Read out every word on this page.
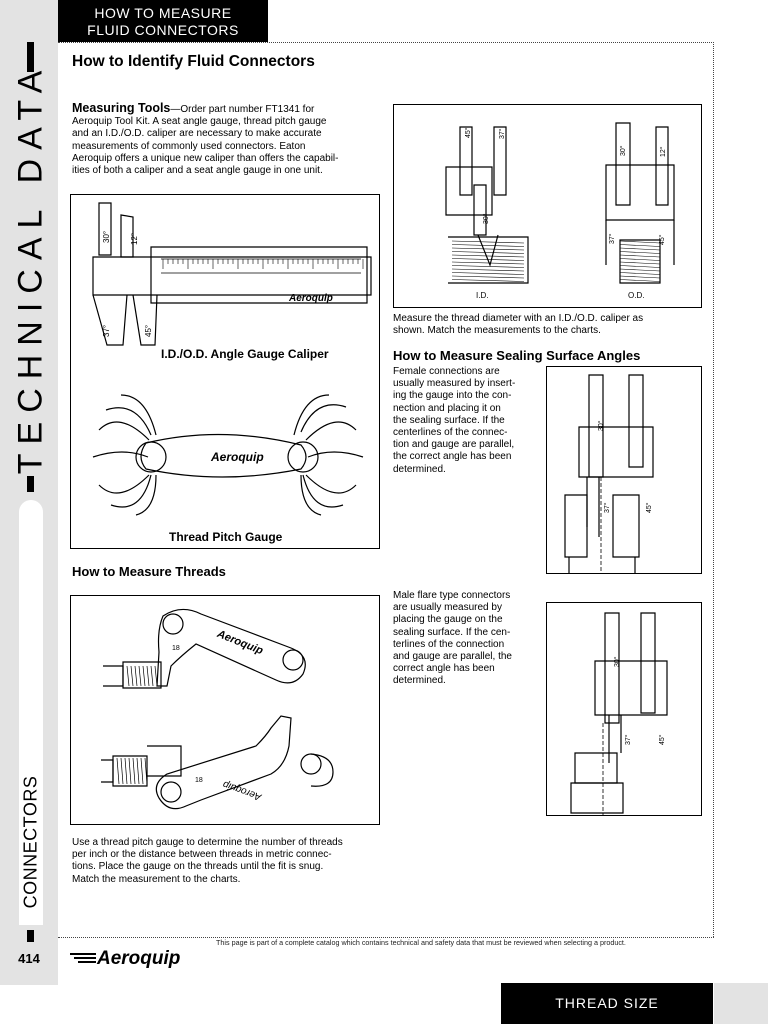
TECHNICAL DATA
CONNECTORS
414
HOW TO MEASURE
FLUID CONNECTORS
How to Identify Fluid Connectors
Measuring Tools—Order part number FT1341 for
Aeroquip Tool Kit. A seat angle gauge, thread pitch gauge
and an I.D./O.D. caliper are necessary to make accurate
measurements of commonly used connectors. Eaton
Aeroquip offers a unique new caliper than offers the capabil-
ities of both a caliper and a seat angle gauge in one unit.
30° 12°
37°	45°
Aeroquip
I.D./O.D. Angle Gauge Caliper
Aeroquip
Thread Pitch Gauge
45°	37°
30°
30°	12°
37°	45°
I.D.	O.D.
Measure the thread diameter with an I.D./O.D. caliper as
shown. Match the measurements to the charts.
How to Measure Sealing Surface Angles
Female connections are
usually measured by insert-
ing the gauge into the con-
nection and placing it on
the sealing surface. If the
centerlines of the connec-
tion and gauge are parallel,
the correct angle has been
determined.
30°
37°	45°
Male flare type connectors
are usually measured by
placing the gauge on the
sealing surface. If the cen-
terlines of the connection
and gauge are parallel, the
correct angle has been
determined.
30°
37°	45°
How to Measure Threads
Aeroquip
18
Aeroquip
18
Use a thread pitch gauge to determine the number of threads
per inch or the distance between threads in metric connec-
tions. Place the gauge on the threads until the fit is snug.
Match the measurement to the charts.
This page is part of a complete catalog which contains technical and safety data that must be reviewed when selecting a product.
Aeroquip
THREAD SIZE
